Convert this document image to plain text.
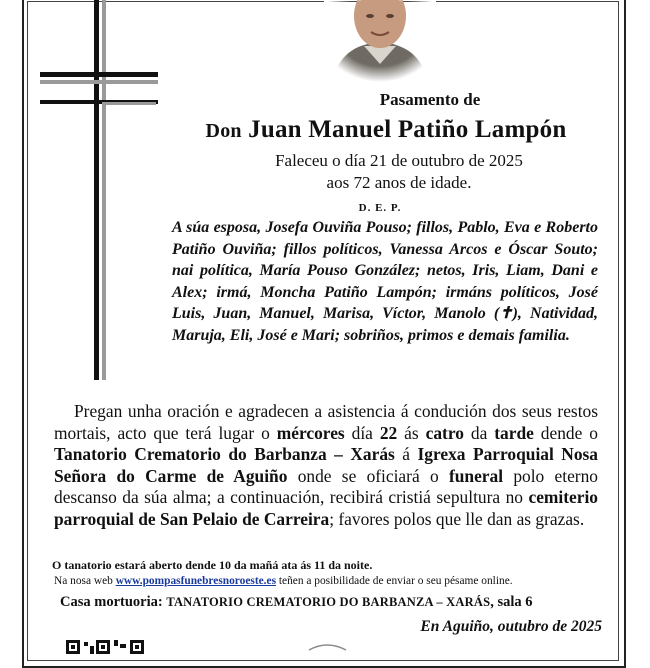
Pasamento de
Don Juan Manuel Patiño Lampón
Faleceu o día 21 de outubro de 2025
aos 72 anos de idade.
D. E. P.
A súa esposa, Josefa Ouviña Pouso; fillos, Pablo, Eva e Roberto Patiño Ouviña; fillos políticos, Vanessa Arcos e Óscar Souto; nai política, María Pouso González; netos, Iris, Liam, Dani e Alex; irmá, Moncha Patiño Lampón; irmáns políticos, José Luis, Juan, Manuel, Marisa, Víctor, Manolo (✝), Natividad, Maruja, Eli, José e Mari; sobriños, primos e demais familia.
Pregan unha oración e agradecen a asistencia á condución dos seus restos mortais, acto que terá lugar o mércores día 22 ás catro da tarde dende o Tanatorio Crematorio do Barbanza – Xarás á Igrexa Parroquial Nosa Señora do Carme de Aguiño onde se oficiará o funeral polo eterno descanso da súa alma; a continuación, recibirá cristiá sepultura no cemiterio parroquial de San Pelaio de Carreira; favores polos que lle dan as grazas.
O tanatorio estará aberto dende 10 da mañá ata ás 11 da noite.
Na nosa web www.pompasfunebresnoroeste.es teñen a posibilidade de enviar o seu pésame online.
Casa mortuoria: TANATORIO CREMATORIO DO BARBANZA – XARÁS, sala 6
En Aguiño, outubro de 2025
